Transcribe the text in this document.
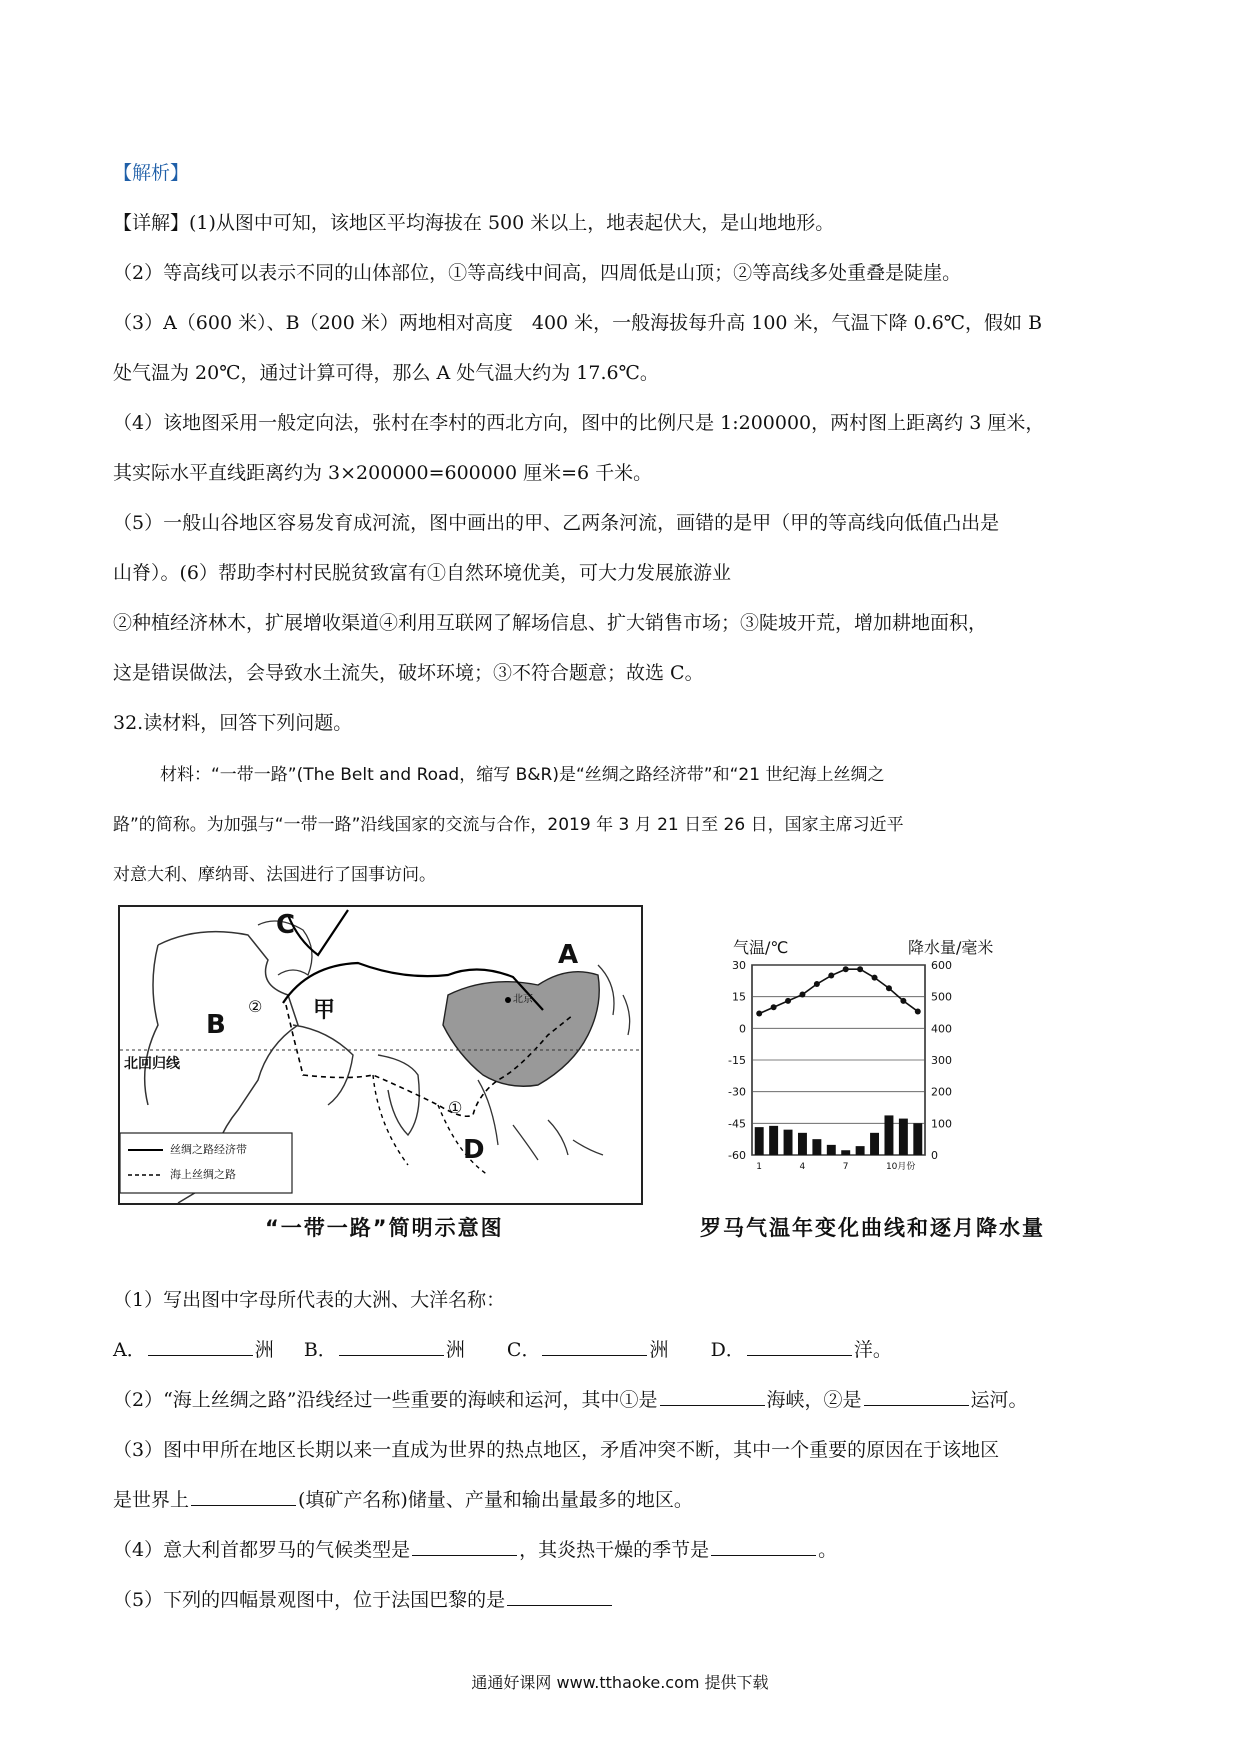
【解析】
【详解】(1)从图中可知，该地区平均海拔在 500 米以上，地表起伏大，是山地地形。
（2）等高线可以表示不同的山体部位，①等高线中间高，四周低是山顶；②等高线多处重叠是陡崖。
（3）A（600 米）、B（200 米）两地相对高度　400 米，一般海拔每升高 100 米，气温下降 0.6℃，假如 B
处气温为 20℃，通过计算可得，那么 A 处气温大约为 17.6℃。
（4）该地图采用一般定向法，张村在李村的西北方向，图中的比例尺是 1:200000，两村图上距离约 3 厘米，
其实际水平直线距离约为 3×200000=600000 厘米=6 千米。
（5）一般山谷地区容易发育成河流，图中画出的甲、乙两条河流，画错的是甲（甲的等高线向低值凸出是
山脊）。(6）帮助李村村民脱贫致富有①自然环境优美，可大力发展旅游业
②种植经济林木，扩展增收渠道④利用互联网了解场信息、扩大销售市场；③陡坡开荒，增加耕地面积，
这是错误做法，会导致水土流失，破坏环境；③不符合题意；故选 C。
32.读材料，回答下列问题。
材料：“一带一路”(The Belt and Road，缩写 B&R)是“丝绸之路经济带”和“21 世纪海上丝绸之
路”的简称。为加强与“一带一路”沿线国家的交流与合作，2019 年 3 月 21 日至 26 日，国家主席习近平
对意大利、摩纳哥、法国进行了国事访问。
C
A
B
D
甲
②
①
北京
北回归线
丝绸之路经济带
海上丝绸之路
“一带一路”简明示意图
气温/℃	降水量/毫米
30
15
0
-15
-30
-45
-60
600
500
400
300
200
100
0
1	4	7	10月份
罗马气温年变化曲线和逐月降水量
（1）写出图中字母所代表的大洲、大洋名称：
A．	洲 B．	洲 C．	洲 D．	洋。
（2）“海上丝绸之路”沿线经过一些重要的海峡和运河，其中①是	海峡，②是	运河。
（3）图中甲所在地区长期以来一直成为世界的热点地区，矛盾冲突不断，其中一个重要的原因在于该地区
是世界上	(填矿产名称)储量、产量和输出量最多的地区。
（4）意大利首都罗马的气候类型是	，其炎热干燥的季节是	。
（5）下列的四幅景观图中，位于法国巴黎的是
通通好课网 www.tthaoke.com 提供下载
